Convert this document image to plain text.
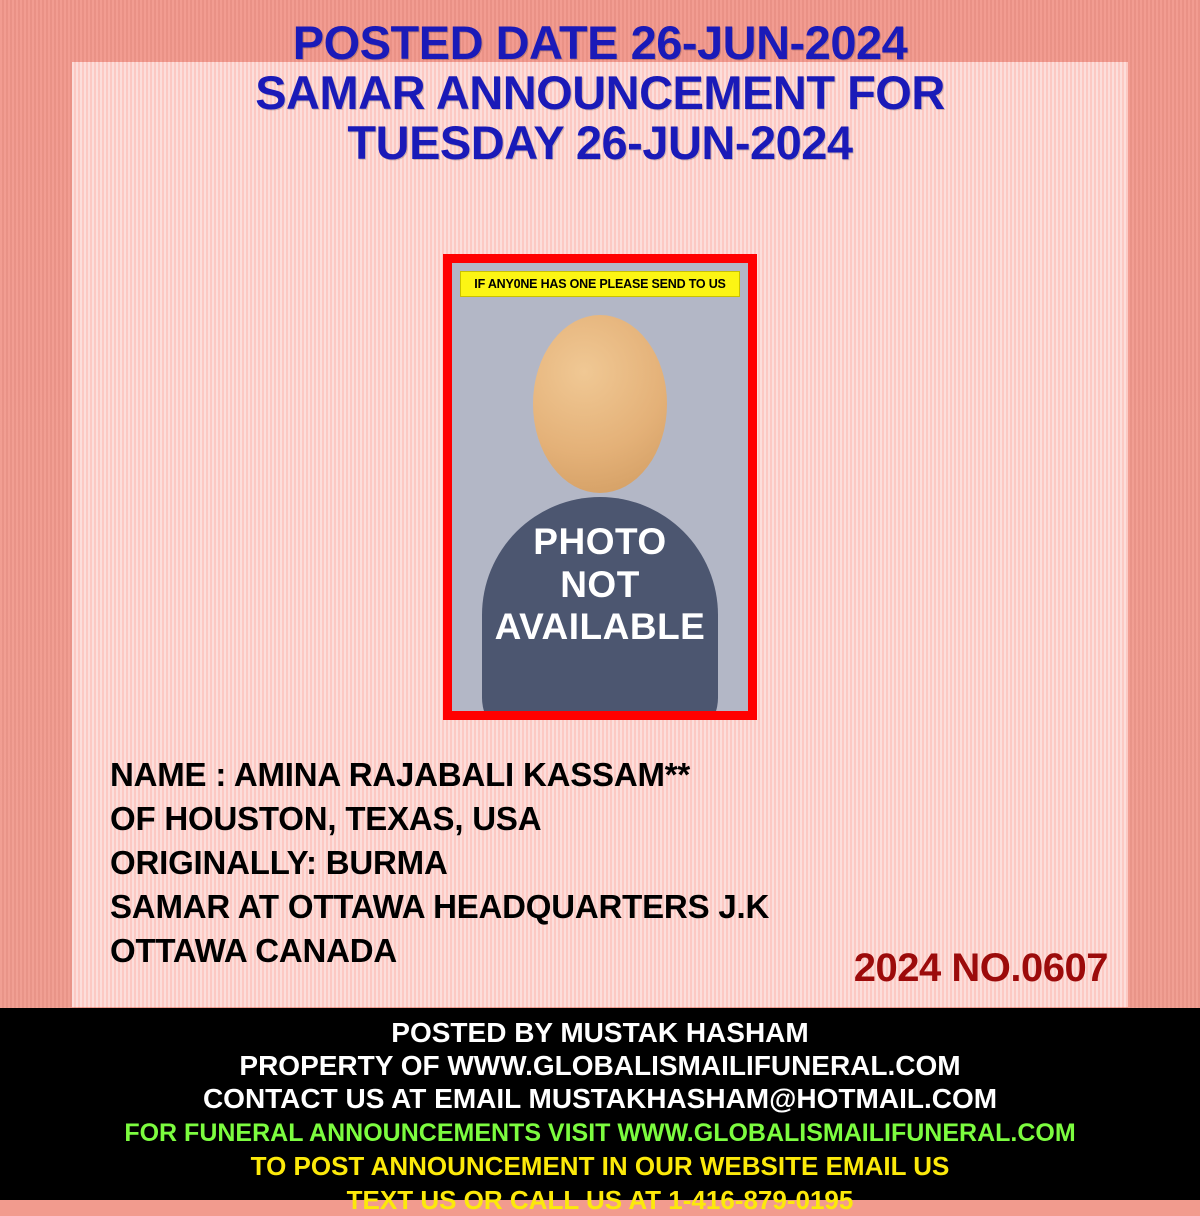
POSTED DATE 26-JUN-2024
SAMAR ANNOUNCEMENT FOR
TUESDAY 26-JUN-2024
IF ANY0NE HAS ONE PLEASE SEND TO US
PHOTO
NOT
AVAILABLE
NAME : AMINA RAJABALI KASSAM**
OF HOUSTON, TEXAS, USA
ORIGINALLY: BURMA
SAMAR AT OTTAWA HEADQUARTERS J.K
OTTAWA CANADA	2024 NO.0607
POSTED BY MUSTAK HASHAM
PROPERTY OF WWW.GLOBALISMAILIFUNERAL.COM
CONTACT US AT EMAIL MUSTAKHASHAM@HOTMAIL.COM
FOR FUNERAL ANNOUNCEMENTS VISIT WWW.GLOBALISMAILIFUNERAL.COM
TO POST ANNOUNCEMENT IN OUR WEBSITE EMAIL US
TEXT US OR CALL US AT 1-416-879-0195
